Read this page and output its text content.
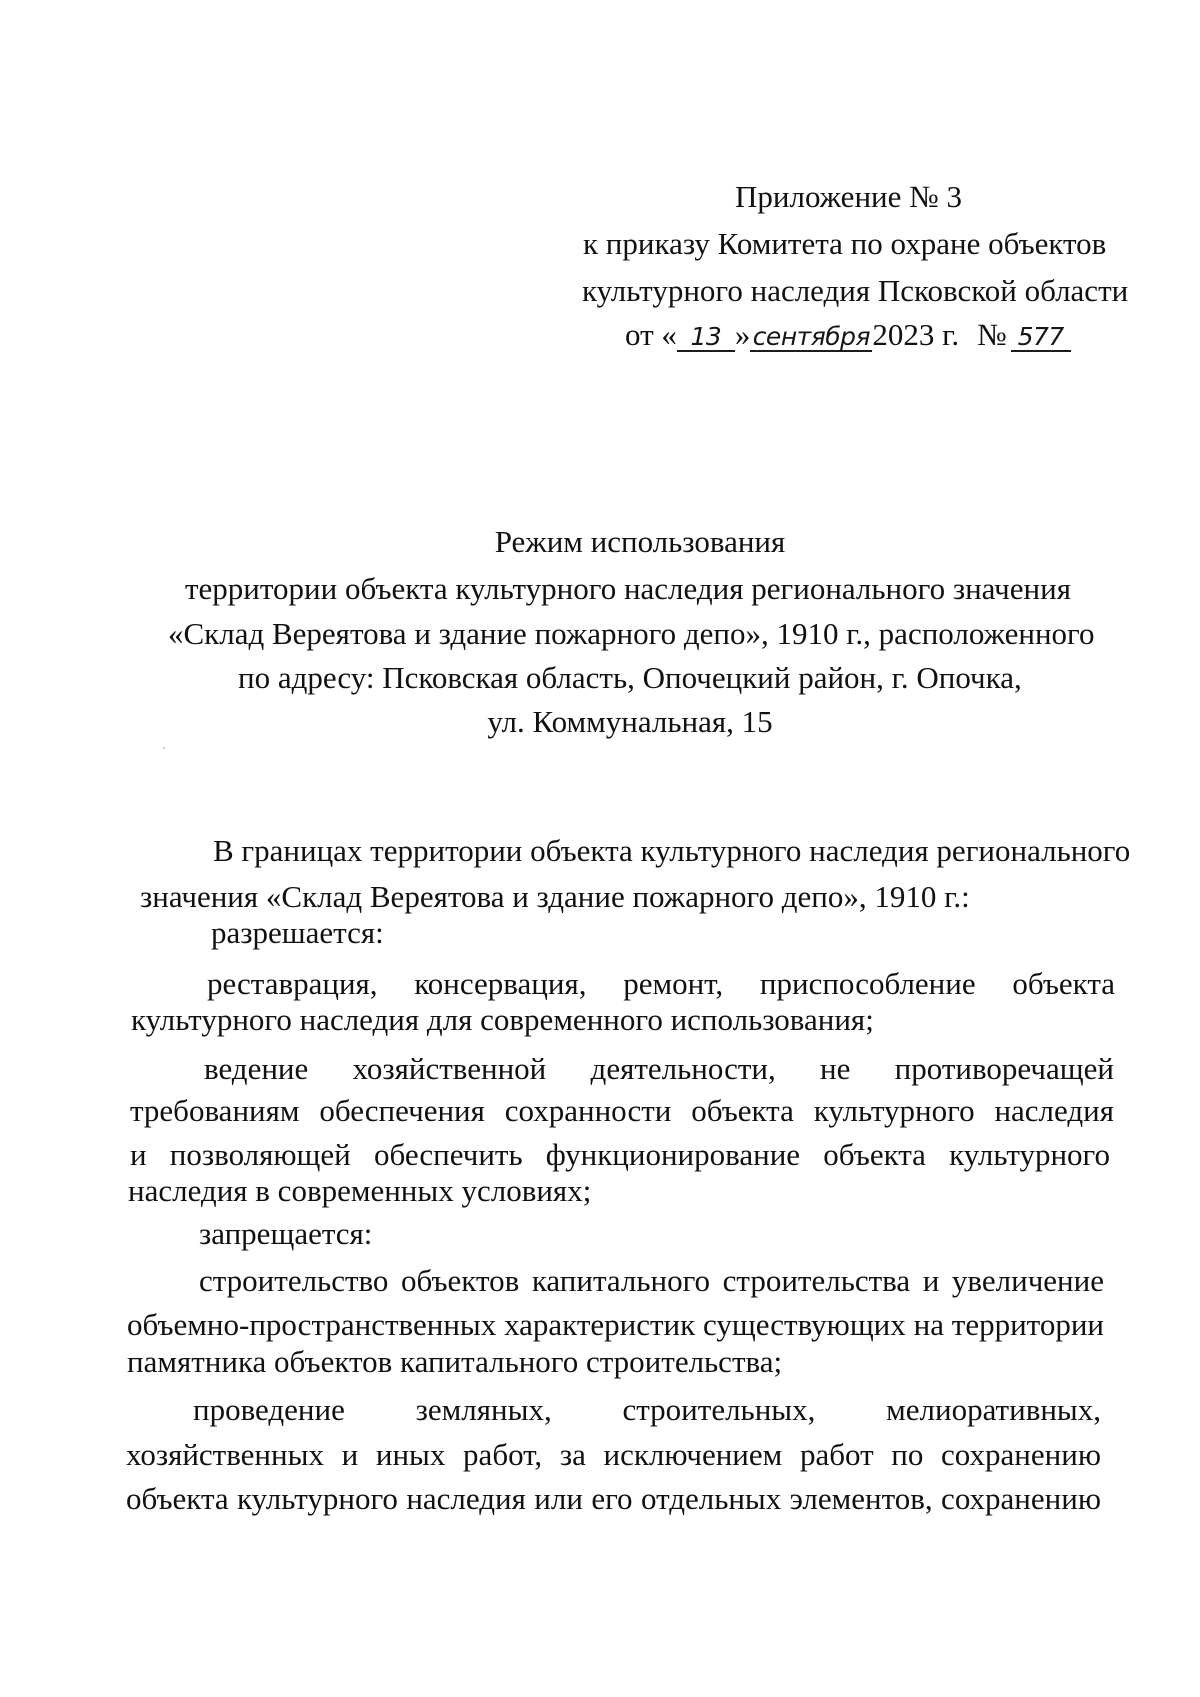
Приложение № 3
к приказу Комитета по охране объектов
культурного наследия Псковской области
от « 13 »сентября2023 г. № 577
Режим использования
территории объекта культурного наследия регионального значения
«Склад Вереятова и здание пожарного депо», 1910 г., расположенного
по адресу: Псковская область, Опочецкий район, г. Опочка,
ул. Коммунальная, 15
В границах территории объекта культурного наследия регионального
значения «Склад Вереятова и здание пожарного депо», 1910 г.:
разрешается:
реставрация, консервация, ремонт, приспособление объекта
культурного наследия для современного использования;
ведение хозяйственной деятельности, не противоречащей
требованиям обеспечения сохранности объекта культурного наследия
и позволяющей обеспечить функционирование объекта культурного
наследия в современных условиях;
запрещается:
строительство объектов капитального строительства и увеличение
объемно-пространственных характеристик существующих на территории
памятника объектов капитального строительства;
проведение земляных, строительных, мелиоративных,
хозяйственных и иных работ, за исключением работ по сохранению
объекта культурного наследия или его отдельных элементов, сохранению
